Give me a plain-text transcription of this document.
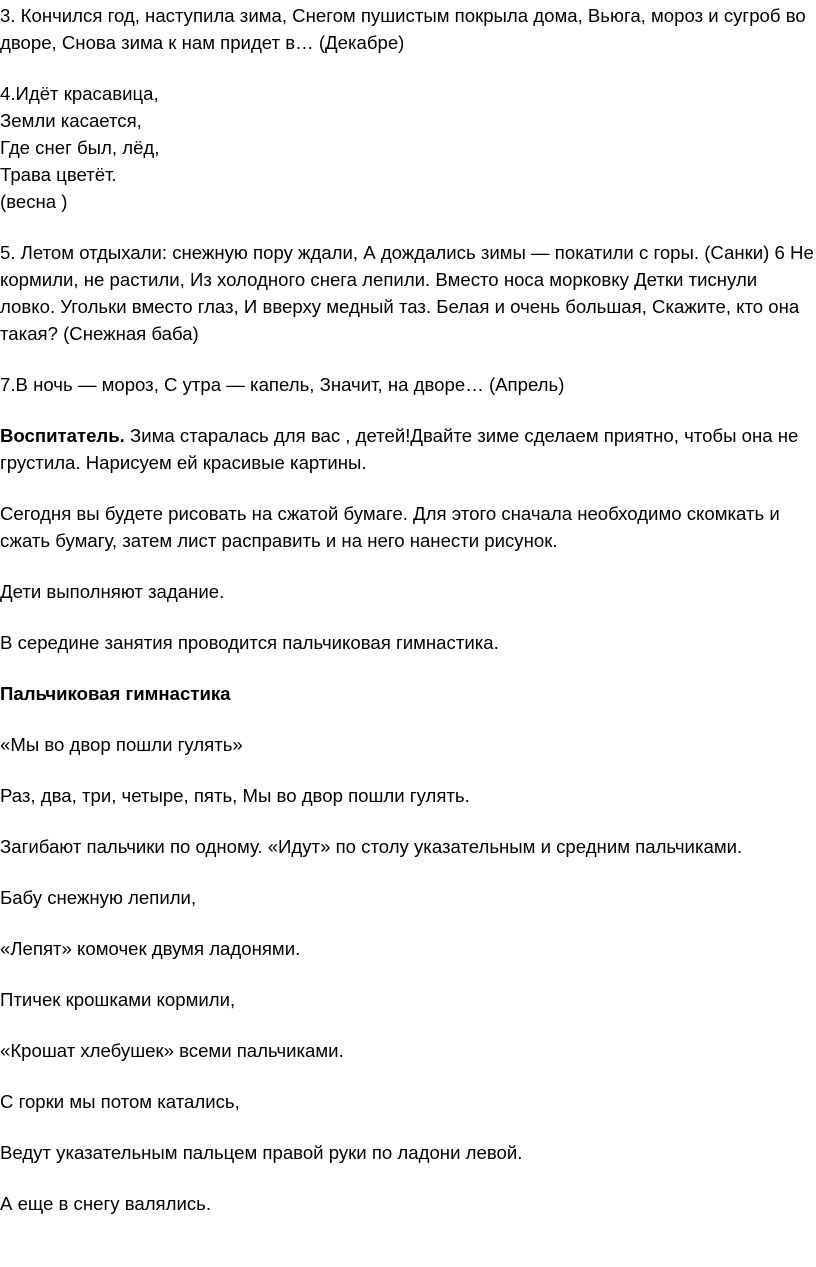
3. Кончился год, наступила зима, Снегом пушистым покрыла дома, Вьюга, мороз и сугроб во дворе, Снова зима к нам придет в… (Декабре)

4.Идёт красавица,
Земли касается,
Где снег был, лёд,
Трава цветёт.
(весна )

5. Летом отдыхали: снежную пору ждали, А дождались зимы — покатили с горы. (Санки) 6 Не кормили, не растили, Из холодного снега лепили. Вместо носа морковку Детки тиснули ловко. Угольки вместо глаз, И вверху медный таз. Белая и очень большая, Скажите, кто она такая? (Снежная баба)

7.В ночь — мороз, С утра — капель, Значит, на дворе… (Апрель)

Воспитатель. Зима старалась для вас , детей!Двайте зиме сделаем приятно, чтобы она не грустила. Нарисуем ей красивые картины.

Сегодня вы будете рисовать на сжатой бумаге. Для этого сначала необходимо скомкать и сжать бумагу, затем лист расправить и на него нанести рисунок.

Дети выполняют задание.

В середине занятия проводится пальчиковая гимнастика.

Пальчиковая гимнастика

«Мы во двор пошли гулять»

Раз, два, три, четыре, пять, Мы во двор пошли гулять.

Загибают пальчики по одному. «Идут» по столу указательным и средним пальчиками.

Бабу снежную лепили,

«Лепят» комочек двумя ладонями.

Птичек крошками кормили,

«Крошат хлебушек» всеми пальчиками.

С горки мы потом катались,

Ведут указательным пальцем правой руки по ладони левой.

А еще в снегу валялись.
